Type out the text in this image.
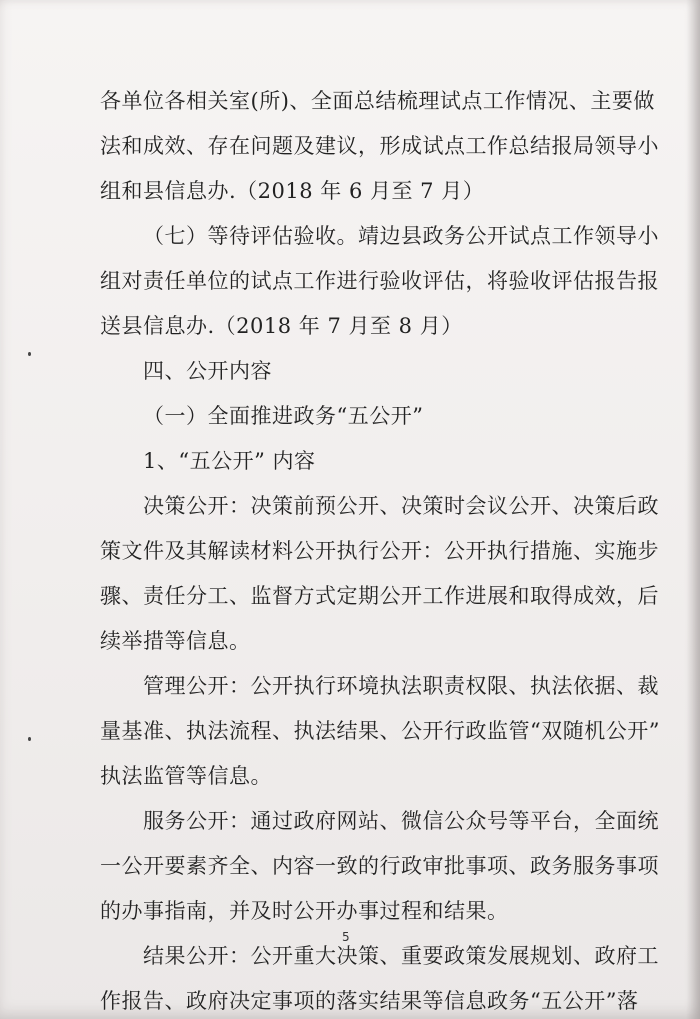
各单位各相关室(所)、全面总结梳理试点工作情况、主要做
法和成效、存在问题及建议，形成试点工作总结报局领导小
组和县信息办.（2018 年 6 月至 7 月）
（七）等待评估验收。靖边县政务公开试点工作领导小
组对责任单位的试点工作进行验收评估，将验收评估报告报
送县信息办.（2018 年 7 月至 8 月）
四、公开内容
（一）全面推进政务“五公开”
1、“五公开” 内容
决策公开：决策前预公开、决策时会议公开、决策后政
策文件及其解读材料公开执行公开：公开执行措施、实施步
骤、责任分工、监督方式定期公开工作进展和取得成效，后
续举措等信息。
管理公开：公开执行环境执法职责权限、执法依据、裁
量基准、执法流程、执法结果、公开行政监管“双随机公开”
执法监管等信息。
服务公开：通过政府网站、微信公众号等平台，全面统
一公开要素齐全、内容一致的行政审批事项、政务服务事项
的办事指南，并及时公开办事过程和结果。
结果公开：公开重大决策、重要政策发展规划、政府工
作报告、政府决定事项的落实结果等信息政务“五公开”落
5
